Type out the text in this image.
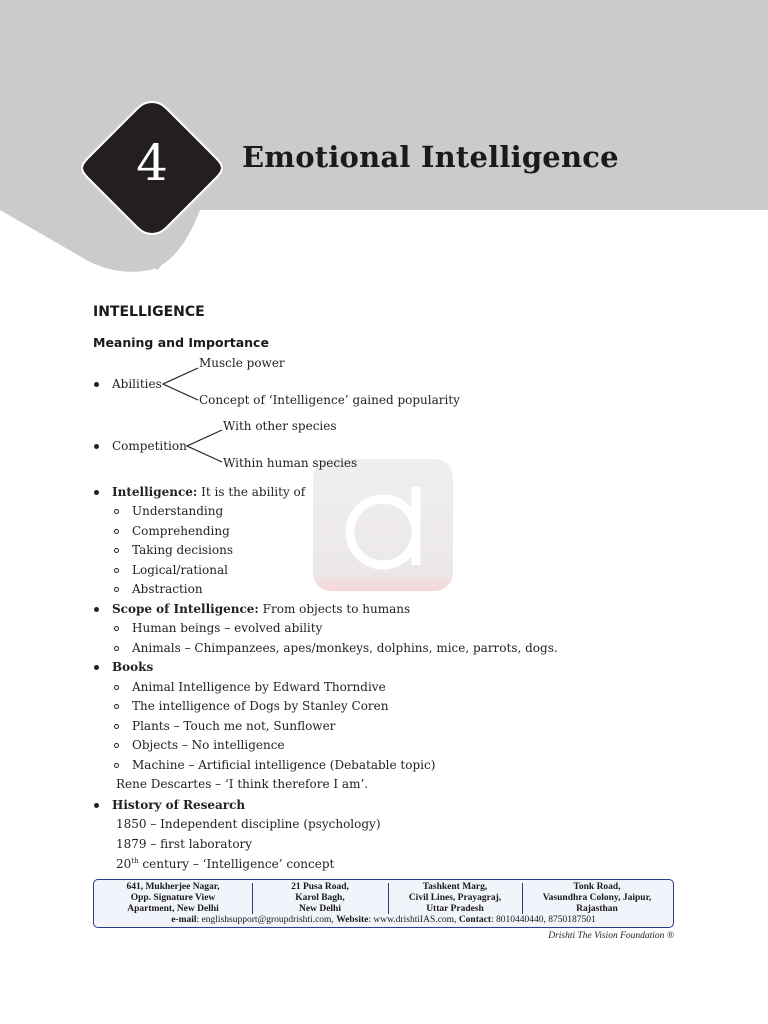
4	Emotional Intelligence
INTELLIGENCE
Meaning and Importance
Abilities
Muscle power
Concept of ‘Intelligence’ gained popularity
Competition
With other species
Within human species
Intelligence: It is the ability of
Understanding
Comprehending
Taking decisions
Logical/rational
Abstraction
Scope of Intelligence: From objects to humans
Human beings – evolved ability
Animals – Chimpanzees, apes/monkeys, dolphins, mice, parrots, dogs.
Books
Animal Intelligence by Edward Thorndive
The intelligence of Dogs by Stanley Coren
Plants – Touch me not, Sunflower
Objects – No intelligence
Machine – Artificial intelligence (Debatable topic)
Rene Descartes – ‘I think therefore I am’.
History of Research
1850 – Independent discipline (psychology)
1879 – first laboratory
20th century – ‘Intelligence’ concept
641, Mukherjee Nagar,
Opp. Signature View
Apartment, New Delhi
21 Pusa Road,
Karol Bagh,
New Delhi
Tashkent Marg,
Civil Lines, Prayagraj,
Uttar Pradesh
Tonk Road,
Vasundhra Colony, Jaipur,
Rajasthan
e-mail: englishsupport@groupdrishti.com, Website: www.drishtiIAS.com, Contact: 8010440440, 8750187501
Drishti The Vision Foundation ®
